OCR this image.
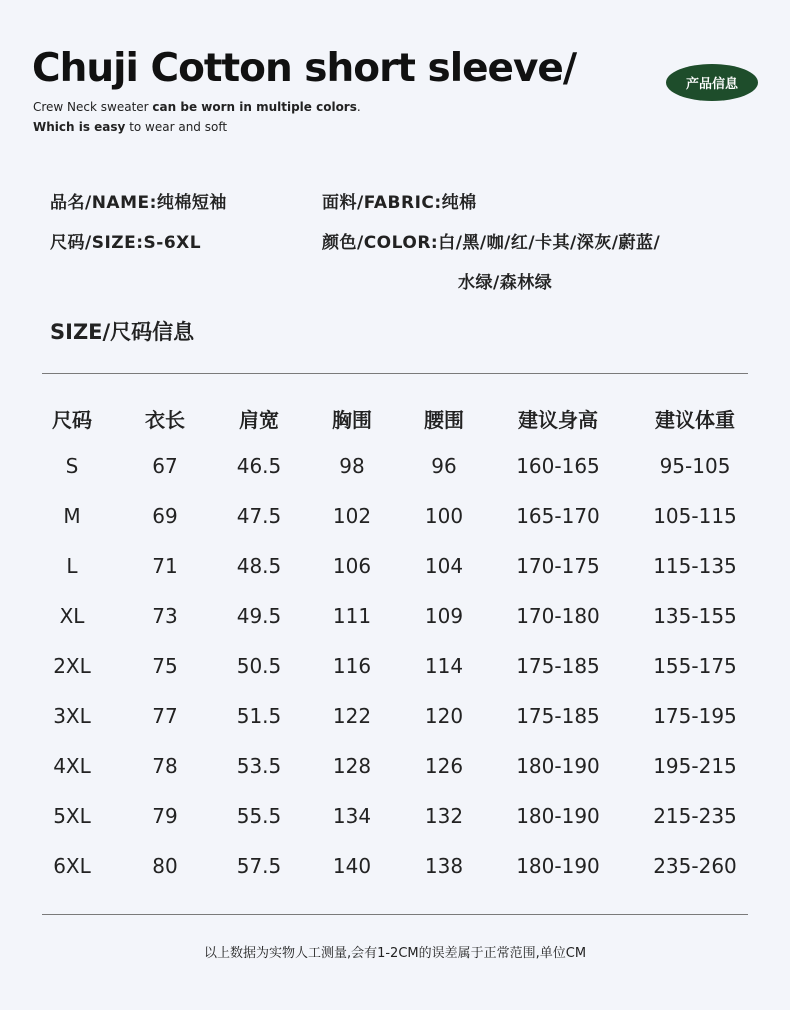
Chuji Cotton short sleeve/
Crew Neck sweater can be worn in multiple colors.
Which is easy to wear and soft
产品信息
品名/NAME:纯棉短袖	面料/FABRIC:纯棉
尺码/SIZE:S-6XL	颜色/COLOR:白/黑/咖/红/卡其/深灰/蔚蓝/
水绿/森林绿
SIZE/尺码信息
尺码	衣长	肩宽	胸围	腰围	建议身高	建议体重
S	67	46.5	98	96	160-165	95-105
M	69	47.5	102	100	165-170	105-115
L	71	48.5	106	104	170-175	115-135
XL	73	49.5	111	109	170-180	135-155
2XL	75	50.5	116	114	175-185	155-175
3XL	77	51.5	122	120	175-185	175-195
4XL	78	53.5	128	126	180-190	195-215
5XL	79	55.5	134	132	180-190	215-235
6XL	80	57.5	140	138	180-190	235-260
以上数据为实物人工测量,会有1-2CM的误差属于正常范围,单位CM
